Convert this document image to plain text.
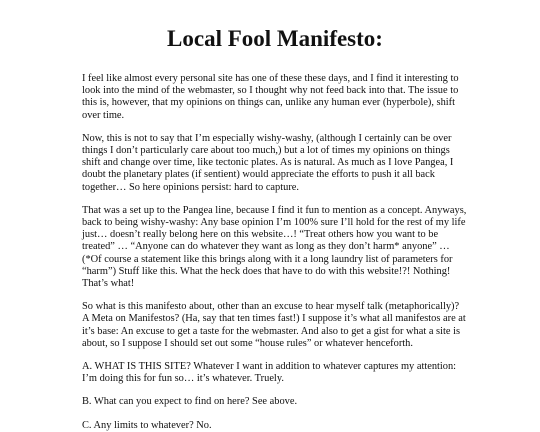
Local Fool Manifesto:

I feel like almost every personal site has one of these these days, and I find it interesting to look into the mind of the webmaster, so I thought why not feed back into that. The issue to this is, however, that my opinions on things can, unlike any human ever (hyperbole), shift over time.

Now, this is not to say that I’m especially wishy-washy, (although I certainly can be over things I don’t particularly care about too much,) but a lot of times my opinions on things shift and change over time, like tectonic plates. As is natural. As much as I love Pangea, I doubt the planetary plates (if sentient) would appreciate the efforts to push it all back together… So here opinions persist: hard to capture.

That was a set up to the Pangea line, because I find it fun to mention as a concept. Anyways, back to being wishy-washy: Any base opinion I’m 100% sure I’ll hold for the rest of my life just… doesn’t really belong here on this website…! “Treat others how you want to be treated” … “Anyone can do whatever they want as long as they don’t harm* anyone” … (*Of course a statement like this brings along with it a long laundry list of parameters for “harm”) Stuff like this. What the heck does that have to do with this website!?! Nothing! That’s what!

So what is this manifesto about, other than an excuse to hear myself talk (metaphorically)? A Meta on Manifestos? (Ha, say that ten times fast!) I suppose it’s what all manifestos are at it’s base: An excuse to get a taste for the webmaster. And also to get a gist for what a site is about, so I suppose I should set out some “house rules” or whatever henceforth.

A. WHAT IS THIS SITE? Whatever I want in addition to whatever captures my attention: I’m doing this for fun so… it’s whatever. Truely.

B. What can you expect to find on here? See above.

C. Any limits to whatever? No.
